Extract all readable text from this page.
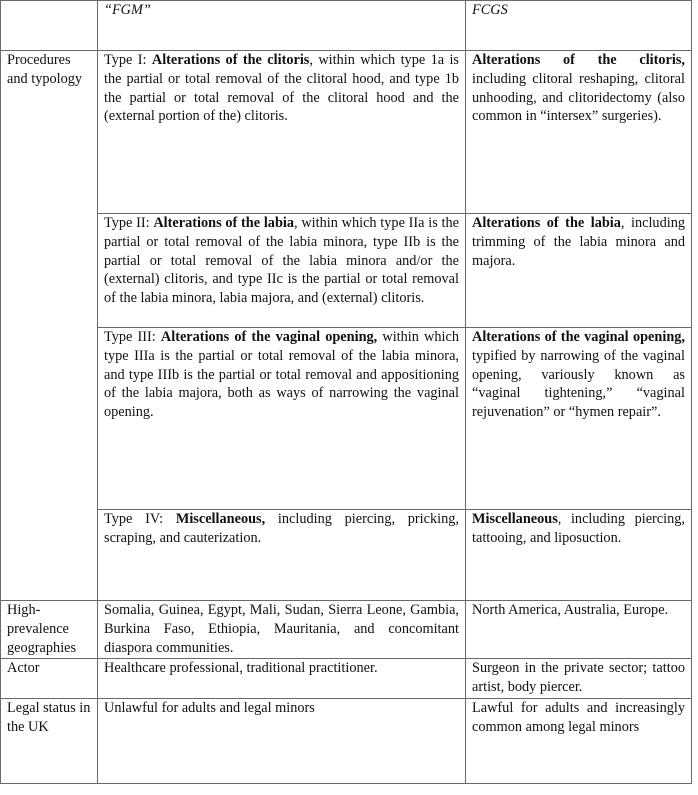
	“FGM”	FCGS
Procedures and typology	Type I: Alterations of the clitoris, within which type 1a is the partial or total removal of the clitoral hood, and type 1b the partial or total removal of the clitoral hood and the (external portion of the) clitoris.	Alterations of the clitoris, including clitoral reshaping, clitoral unhooding, and clitoridectomy (also common in “intersex” surgeries).
	Type II: Alterations of the labia, within which type IIa is the partial or total removal of the labia minora, type IIb is the partial or total removal of the labia minora and/or the (external) clitoris, and type IIc is the partial or total removal of the labia minora, labia majora, and (external) clitoris.	Alterations of the labia, including trimming of the labia minora and majora.
	Type III: Alterations of the vaginal opening, within which type IIIa is the partial or total removal of the labia minora, and type IIIb is the partial or total removal and appositioning of the labia majora, both as ways of narrowing the vaginal opening.	Alterations of the vaginal opening, typified by narrowing of the vaginal opening, variously known as “vaginal tightening,” “vaginal rejuvenation” or “hymen repair”.
	Type IV: Miscellaneous, including piercing, pricking, scraping, and cauterization.	Miscellaneous, including piercing, tattooing, and liposuction.
High-prevalence geographies	Somalia, Guinea, Egypt, Mali, Sudan, Sierra Leone, Gambia, Burkina Faso, Ethiopia, Mauritania, and concomitant diaspora communities.	North America, Australia, Europe.
Actor	Healthcare professional, traditional practitioner.	Surgeon in the private sector; tattoo artist, body piercer.
Legal status in the UK	Unlawful for adults and legal minors	Lawful for adults and increasingly common among legal minors
